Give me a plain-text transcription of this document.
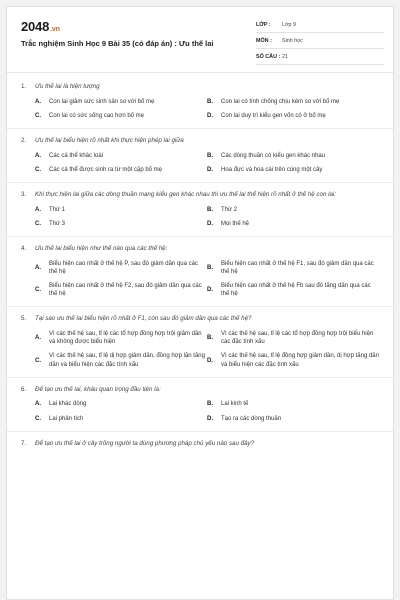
2048.vn
Trắc nghiệm Sinh Học 9 Bài 35 (có đáp án) : Ưu thế lai
LỚP :	Lớp 9
MÔN :	Sinh học
SỐ CÂU : 21
1.	Ưu thế lai là hiện tượng
A.	Con lai giảm sức sinh sản so với bố mẹ	B.	Con lai có tính chống chịu kém so với bố mẹ
C.	Con lai có sức sống cao hơn bố mẹ	D.	Con lai duy trì kiểu gen vốn có ở bố mẹ
2.	Ưu thế lai biểu hiện rõ nhất khi thực hiện phép lai giữa
A.	Các cá thể khác loài	B.	Các dòng thuần có kiểu gen khác nhau
C.	Các cá thể được sinh ra từ một cặp bố mẹ	D.	Hoa đực và hoa cái trên cùng một cây
3.	Khi thực hiện lai giữa các dòng thuần mang kiểu gen khác nhau thì ưu thế lai thể hiện rõ nhất ở thế hệ con lai:
A.	Thứ 1	B.	Thứ 2
C.	Thứ 3	D.	Mọi thế hệ
4.	Ưu thế lai biểu hiện như thế nào qua các thế hệ:
A.
Biểu hiện cao nhất ở thế hệ P, sau đó giảm dần qua các thế hệ
B.
Biểu hiện cao nhất ở thế hệ F1, sau đó giảm dần qua các thế hệ
C.
Biểu hiện cao nhất ở thế hệ F2, sau đó giảm dần qua các thế hệ
D.
Biểu hiện cao nhất ở thế hệ Fb sau đó tăng dần qua các thế hệ
5.	Tại sao ưu thế lai biểu hiện rõ nhất ở F1, còn sau đó giảm dần qua các thế hệ?
A.
Vì các thế hệ sau, tỉ lệ các tổ hợp đồng hợp trội giảm dần và không được biểu hiện
B.
Vì các thế hệ sau, tỉ lệ các tổ hợp đồng hợp trội biểu hiện các đặc tính xấu
C.
Vì các thế hệ sau, tỉ lệ dị hợp giảm dần, đồng hợp lặn tăng dần và biểu hiện các đặc tính xấu
D.
Vì các thế hệ sau, tỉ lệ đồng hợp giảm dần, dị hợp tăng dần và biểu hiện các đặc tính xấu
6.	Để tạo ưu thế lai, khâu quan trọng đầu tiên là:
A.	Lai khác dòng	B.	Lai kinh tế
C.	Lai phân tích	D.	Tạo ra các dòng thuần
7.	Để tạo ưu thế lai ở cây trồng người ta dùng phương pháp chủ yếu nào sau đây?
